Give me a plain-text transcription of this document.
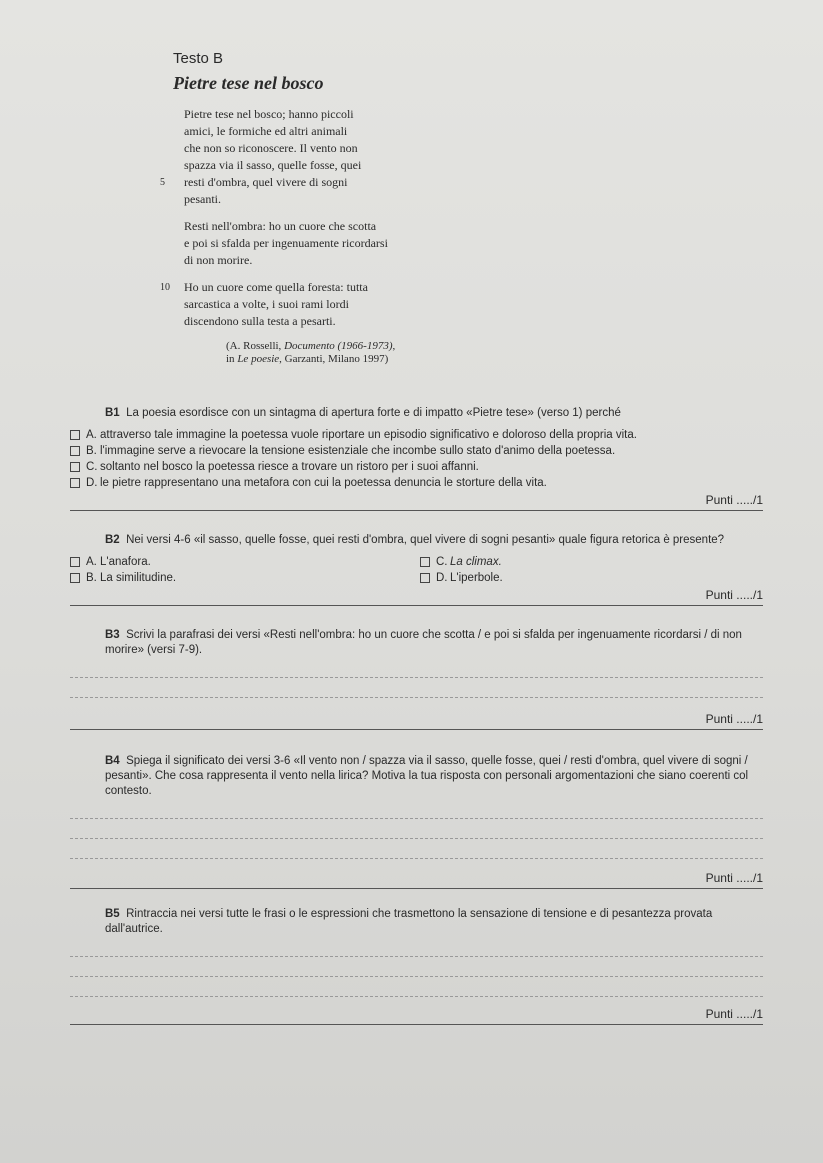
Testo B
Pietre tese nel bosco
Pietre tese nel bosco; hanno piccoli
amici, le formiche ed altri animali
che non so riconoscere. Il vento non
spazza via il sasso, quelle fosse, quei
5 resti d'ombra, quel vivere di sogni
pesanti.
Resti nell'ombra: ho un cuore che scotta
e poi si sfalda per ingenuamente ricordarsi
di non morire.
10 Ho un cuore come quella foresta: tutta
sarcastica a volte, i suoi rami lordi
discendono sulla testa a pesarti.
(A. Rosselli, Documento (1966-1973),
in Le poesie, Garzanti, Milano 1997)
B1 La poesia esordisce con un sintagma di apertura forte e di impatto «Pietre tese» (verso 1) perché
A. attraverso tale immagine la poetessa vuole riportare un episodio significativo e doloroso della propria vita.
B. l'immagine serve a rievocare la tensione esistenziale che incombe sullo stato d'animo della poetessa.
C. soltanto nel bosco la poetessa riesce a trovare un ristoro per i suoi affanni.
D. le pietre rappresentano una metafora con cui la poetessa denuncia le storture della vita.
Punti ...../1
B2 Nei versi 4-6 «il sasso, quelle fosse, quei resti d'ombra, quel vivere di sogni pesanti» quale figura retorica è presente?
A. L'anafora.	C. La climax.
B. La similitudine.	D. L'iperbole.
Punti ...../1
B3 Scrivi la parafrasi dei versi «Resti nell'ombra: ho un cuore che scotta / e poi si sfalda per ingenuamente ricordarsi / di non morire» (versi 7-9).
Punti ...../1
B4 Spiega il significato dei versi 3-6 «Il vento non / spazza via il sasso, quelle fosse, quei / resti d'ombra, quel vivere di sogni / pesanti». Che cosa rappresenta il vento nella lirica? Motiva la tua risposta con personali argomentazioni che siano coerenti col contesto.
Punti ...../1
B5 Rintraccia nei versi tutte le frasi o le espressioni che trasmettono la sensazione di tensione e di pesantezza provata dall'autrice.
Punti ...../1
